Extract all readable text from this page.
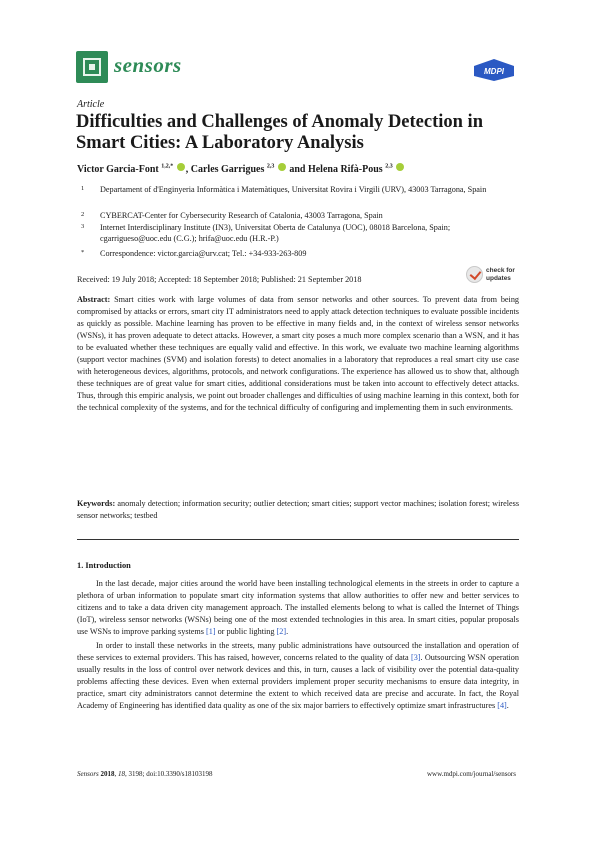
sensors	MDPI
Article
Difficulties and Challenges of Anomaly Detection in Smart Cities: A Laboratory Analysis
Victor Garcia-Font $^{1,2,*}$ , Carles Garrigues $^{2,3}$ and Helena Rifà-Pous $^{2,3}$
1 Departament of d'Enginyeria Informàtica i Matemàtiques, Universitat Rovira i Virgili (URV), 43003 Tarragona, Spain
2 CYBERCAT-Center for Cybersecurity Research of Catalonia, 43003 Tarragona, Spain
3 Internet Interdisciplinary Institute (IN3), Universitat Oberta de Catalunya (UOC), 08018 Barcelona, Spain; cgarrigueso@uoc.edu (C.G.); hrifa@uoc.edu (H.R.-P.)
* Correspondence: victor.garcia@urv.cat; Tel.: +34-933-263-809
Received: 19 July 2018; Accepted: 18 September 2018; Published: 21 September 2018
check for
updates
Abstract: Smart cities work with large volumes of data from sensor networks and other sources. To prevent data from being compromised by attacks or errors, smart city IT administrators need to apply attack detection techniques to evaluate possible incidents as quickly as possible. Machine learning has proven to be effective in many fields and, in the context of wireless sensor networks (WSNs), it has proven adequate to detect attacks. However, a smart city poses a much more complex scenario than a WSN, and it has to be evaluated whether these techniques are equally valid and effective. In this work, we evaluate two machine learning algorithms (support vector machines (SVM) and isolation forests) to detect anomalies in a laboratory that reproduces a real smart city use case with heterogeneous devices, algorithms, protocols, and network configurations. The experience has allowed us to show that, although these techniques are of great value for smart cities, additional considerations must be taken into account to effectively detect attacks. Thus, through this empiric analysis, we point out broader challenges and difficulties of using machine learning in this context, both for the technical complexity of the systems, and for the technical difficulty of configuring and implementing them in such environments.
Keywords: anomaly detection; information security; outlier detection; smart cities; support vector machines; isolation forest; wireless sensor networks; testbed
1. Introduction

In the last decade, major cities around the world have been installing technological elements in the streets in order to capture a plethora of urban information to populate smart city information systems that allow authorities to offer new and better services to citizens and to take a data driven city management approach. The installed elements belong to what is called the Internet of Things (IoT), wireless sensor networks (WSNs) being one of the most extended technologies in this area. In smart cities, popular proposals use WSNs to improve parking systems [1] or public lighting [2].

In order to install these networks in the streets, many public administrations have outsourced the installation and operation of these services to external providers. This has raised, however, concerns related to the quality of data [3]. Outsourcing WSN operation usually results in the loss of control over network devices and this, in turn, causes a lack of visibility over the potential data-quality problems affecting these devices. Even when external providers implement proper security mechanisms to ensure data integrity, in practice, smart city administrators cannot determine the extent to which received data are precise and accurate. In fact, the Royal Academy of Engineering has identified data quality as one of the six major barriers to effectively optimize smart infrastructures [4].

Sensors 2018, 18, 3198; doi:10.3390/s18103198	www.mdpi.com/journal/sensors
